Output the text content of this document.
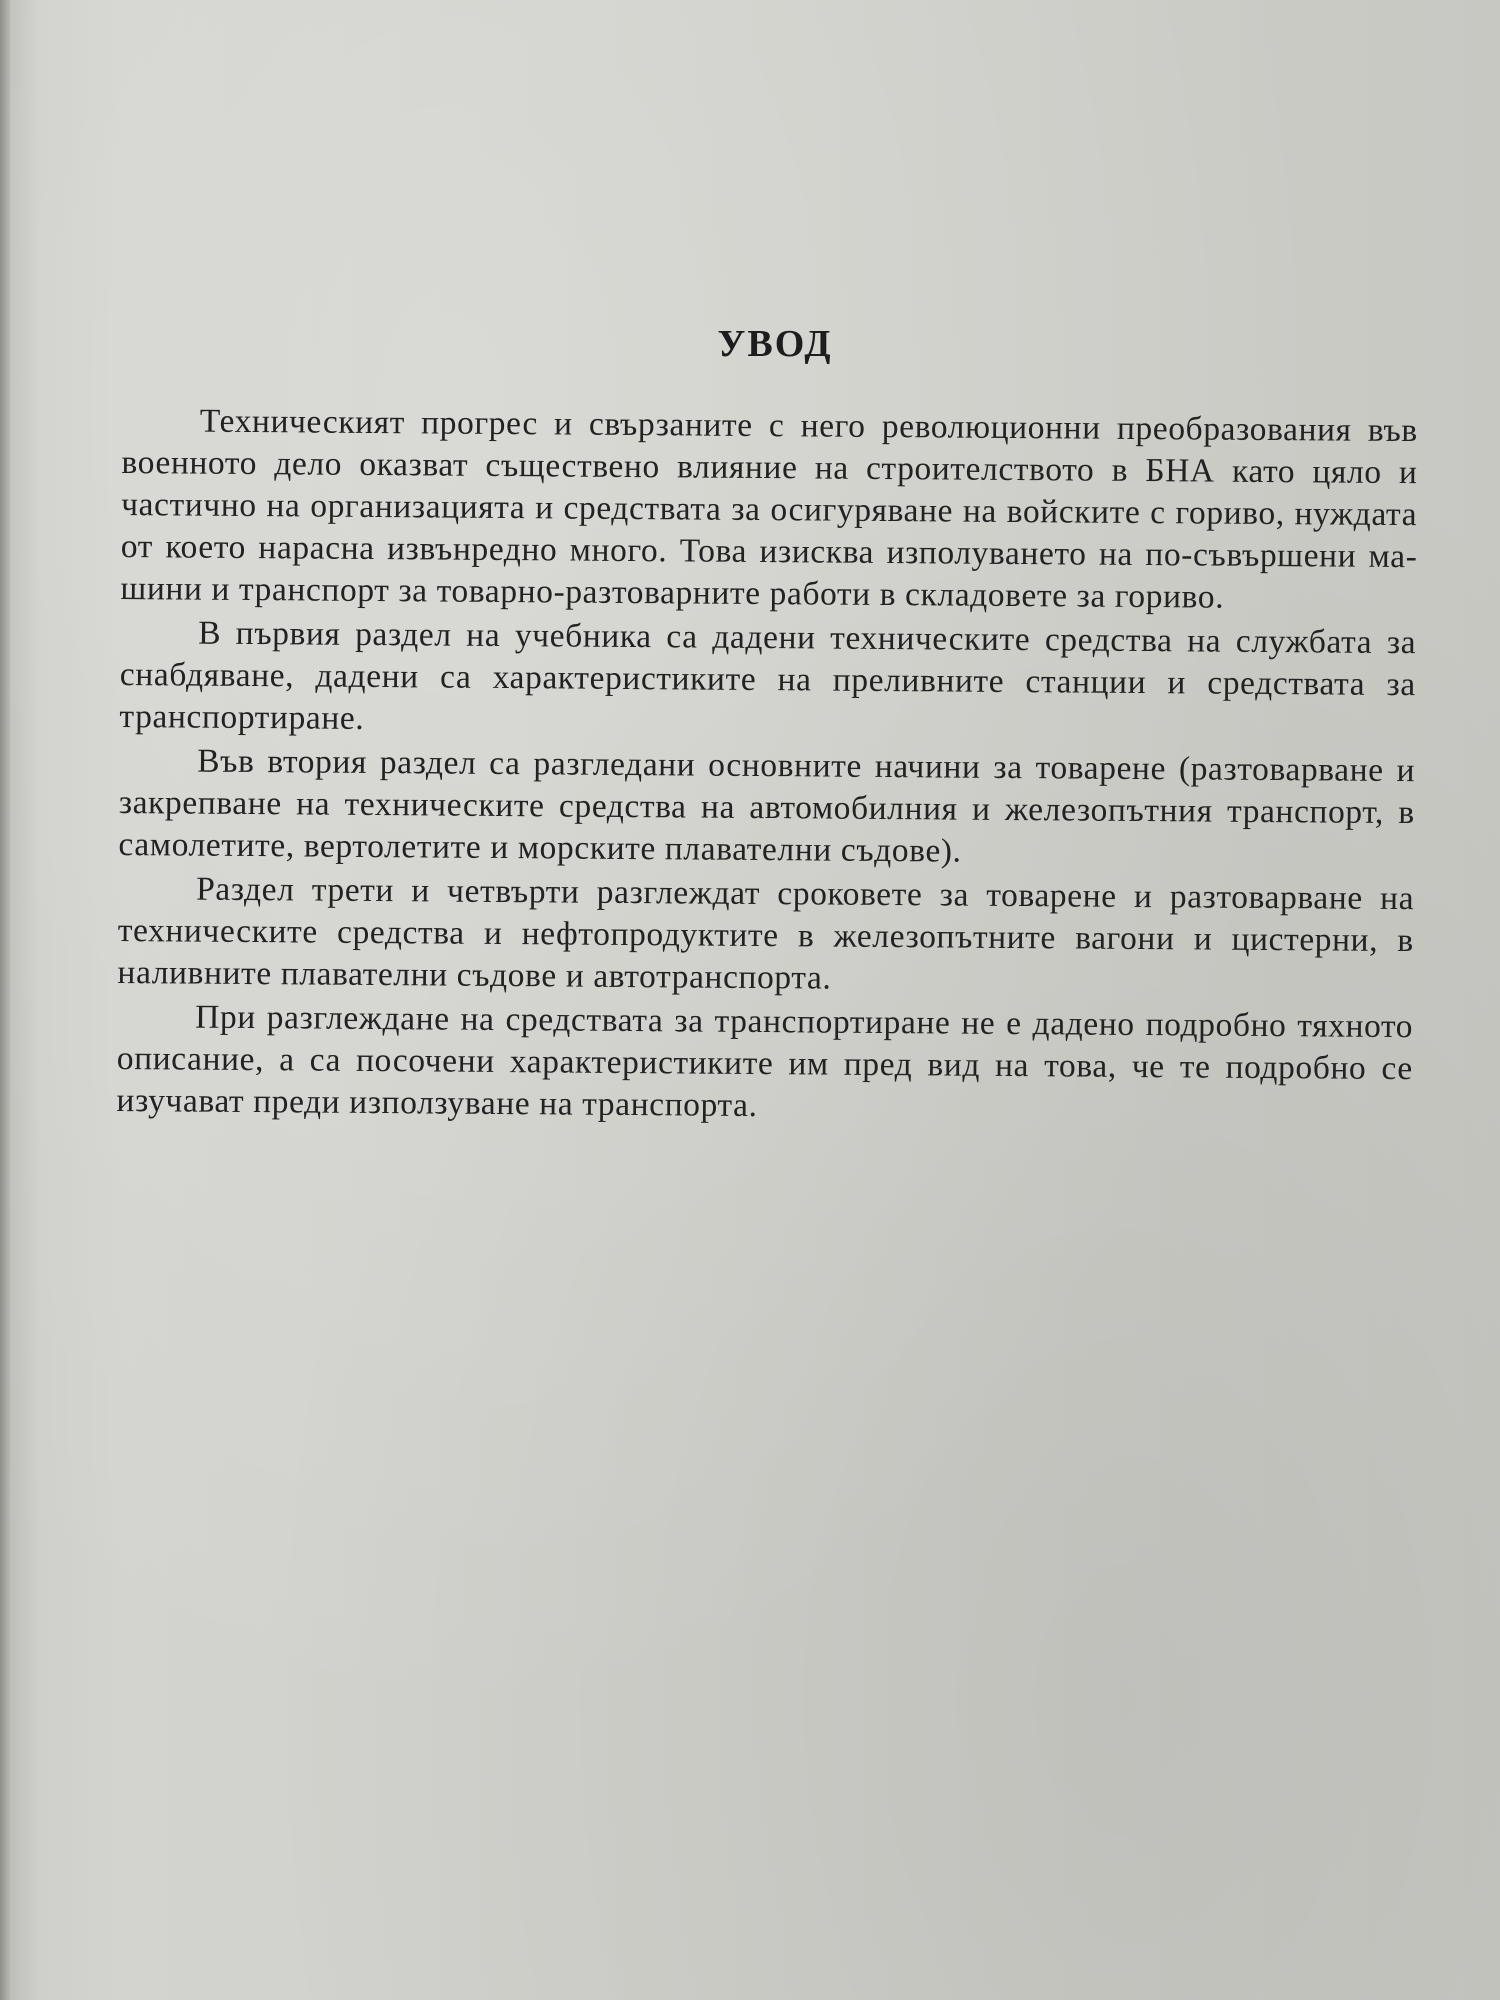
УВОД

Техническият прогрес и свързаните с него революционни преобразования във военното дело оказват съществено влияние на строителството в БНА като цяло и частично на организацията и средствата за осигуряване на войските с гориво, нуждата от което нарасна извънредно много. Това изисква изполуването на по-съвършени машини и транспорт за товарно-разтоварните работи в складовете за гориво.

В първия раздел на учебника са дадени техническите средства на службата за снабдяване, дадени са характеристиките на преливните станции и средствата за транспортиране.

Във втория раздел са разгледани основните начини за товарене (разтоварване и закрепване на техническите средства на автомобилния и железопътния транспорт, в самолетите, вертолетите и морските плавателни съдове).

Раздел трети и четвърти разглеждат сроковете за товарене и разтоварване на техническите средства и нефтопродуктите в железопътните вагони и цистерни, в наливните плавателни съдове и автотранспорта.

При разглеждане на средствата за транспортиране не е дадено подробно тяхното описание, а са посочени характеристиките им пред вид на това, че те подробно се изучават преди използуване на транспорта.
